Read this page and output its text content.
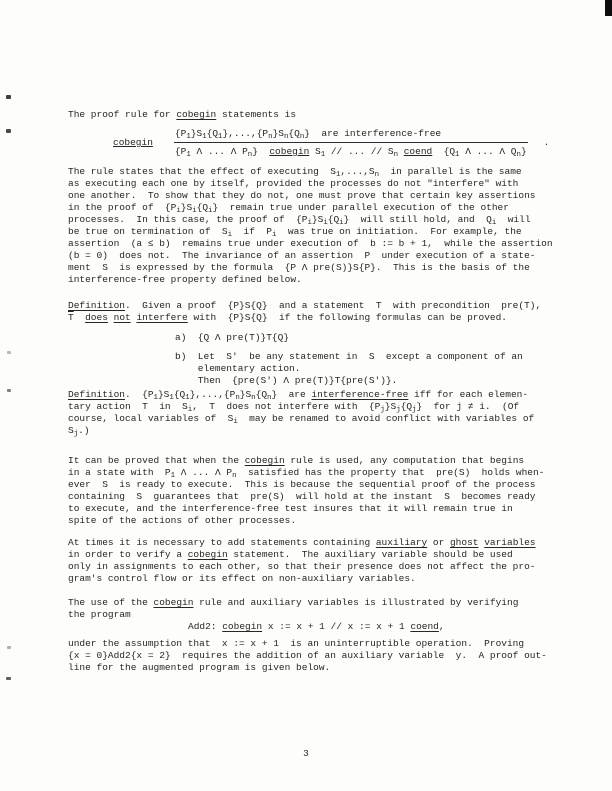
The proof rule for cobegin statements is
cobegin
$\{P_1\}S_1\{Q_1\},...,\{P_n\}S_n\{Q_n\}$  are interference-free
{$P_1$ Λ ... Λ $P_n$}  cobegin $S_1$ // ... // $S_n$ coend  {$Q_1$ Λ ... Λ $Q_n$}
.
The rule states that the effect of executing  $S_1,...,S_n$  in parallel is the same
as executing each one by itself, provided the processes do not "interfere" with
one another.  To show that they do not, one must prove that certain key assertions
in the proof of  $\{P_i\}S_i\{Q_i\}$  remain true under parallel execution of the other
processes.  In this case, the proof of  $\{P_i\}S_i\{Q_i\}$  will still hold, and  $Q_i$  will
be true on termination of  $S_i$  if  $P_i$  was true on initiation.  For example, the
assertion  (a ≤ b)  remains true under execution of  b := b + 1,  while the assertion
(b = 0)  does not.  The invariance of an assertion  P  under execution of a state-
ment  S  is expressed by the formula  {P Λ pre(S)}S{P}.  This is the basis of the
interference-free property defined below.
Definition.  Given a proof  {P}S{Q}  and a statement  T  with precondition  pre(T),
$\overline{T}$ does not interfere with  {P}S{Q}  if the following formulas can be proved.
a)  {Q Λ pre(T)}T{Q}
b)  Let  S'  be any statement in  S  except a component of an
elementary action.
Then  {pre(S') Λ pre(T)}T{pre(S')}.
Definition.  $\{P_1\}S_1\{Q_1\},...,\{P_n\}S_n\{Q_n\}$  are interference-free iff for each elemen-
tary action  T  in  $S_i$,  T  does not interfere with  $\{P_j\}S_j\{Q_j\}$  for j ≠ i.  (Of
course, local variables of  $S_i$  may be renamed to avoid conflict with variables of
$S_j$.)
It can be proved that when the cobegin rule is used, any computation that begins
in a state with  $P_1$ Λ ... Λ $P_n$  satisfied has the property that  pre(S)  holds when-
ever  S  is ready to execute.  This is because the sequential proof of the process
containing  S  guarantees that  pre(S)  will hold at the instant  S  becomes ready
to execute, and the interference-free test insures that it will remain true in
spite of the actions of other processes.
At times it is necessary to add statements containing auxiliary or ghost variables
in order to verify a cobegin statement.  The auxiliary variable should be used
only in assignments to each other, so that their presence does not affect the pro-
gram's control flow or its effect on non-auxiliary variables.
The use of the cobegin rule and auxiliary variables is illustrated by verifying
the program
Add2: cobegin x := x + 1 // x := x + 1 coend,
under the assumption that  x := x + 1  is an uninterruptible operation.  Proving
{x = 0}Add2{x = 2}  requires the addition of an auxiliary variable  y.  A proof out-
line for the augmented program is given below.
3
